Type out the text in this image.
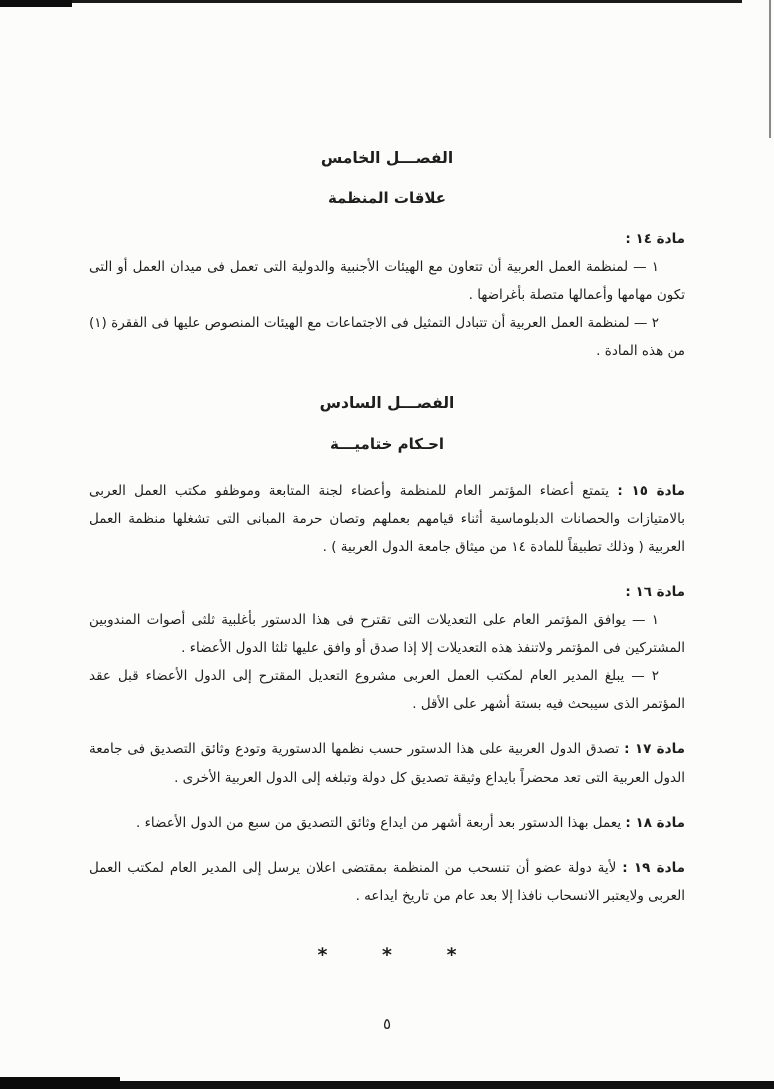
الفصـــل الخامس
علاقات المنظمة
مادة ١٤ :

١ — لمنظمة العمل العربية أن تتعاون مع الهيئات الأجنبية والدولية التى تعمل فى ميدان العمل أو التى تكون مهامها وأعمالها متصلة بأغراضها .

٢ — لمنظمة العمل العربية أن تتبادل التمثيل فى الاجتماعات مع الهيئات المنصوص عليها فى الفقرة (١) من هذه المادة .

الفصـــل السادس
احـكام ختاميـــة

مادة ١٥ : يتمتع أعضاء المؤتمر العام للمنظمة وأعضاء لجنة المتابعة وموظفو مكتب العمل العربى بالامتيازات والحصانات الدبلوماسية أثناء قيامهم بعملهم وتصان حرمة المبانى التى تشغلها منظمة العمل العربية ( وذلك تطبيقاً للمادة ١٤ من ميثاق جامعة الدول العربية ) .

مادة ١٦ :

١ — يوافق المؤتمر العام على التعديلات التى تقترح فى هذا الدستور بأغلبية ثلثى أصوات المندوبين المشتركين فى المؤتمر ولاتنفذ هذه التعديلات إلا إذا صدق أو وافق عليها ثلثا الدول الأعضاء .

٢ — يبلغ المدير العام لمكتب العمل العربى مشروع التعديل المقترح إلى الدول الأعضاء قبل عقد المؤتمر الذى سيبحث فيه بستة أشهر على الأقل .

مادة ١٧ : تصدق الدول العربية على هذا الدستور حسب نظمها الدستورية وتودع وثائق التصديق فى جامعة الدول العربية التى تعد محضراً بايداع وثيقة تصديق كل دولة وتبلغه إلى الدول العربية الأخرى .

مادة ١٨ : يعمل بهذا الدستور بعد أربعة أشهر من ايداع وثائق التصديق من سبع من الدول الأعضاء .

مادة ١٩ : لأية دولة عضو أن تنسحب من المنظمة بمقتضى اعلان يرسل إلى المدير العام لمكتب العمل العربى ولايعتبر الانسحاب نافذا إلا بعد عام من تاريخ ايداعه .

* * *
٥
